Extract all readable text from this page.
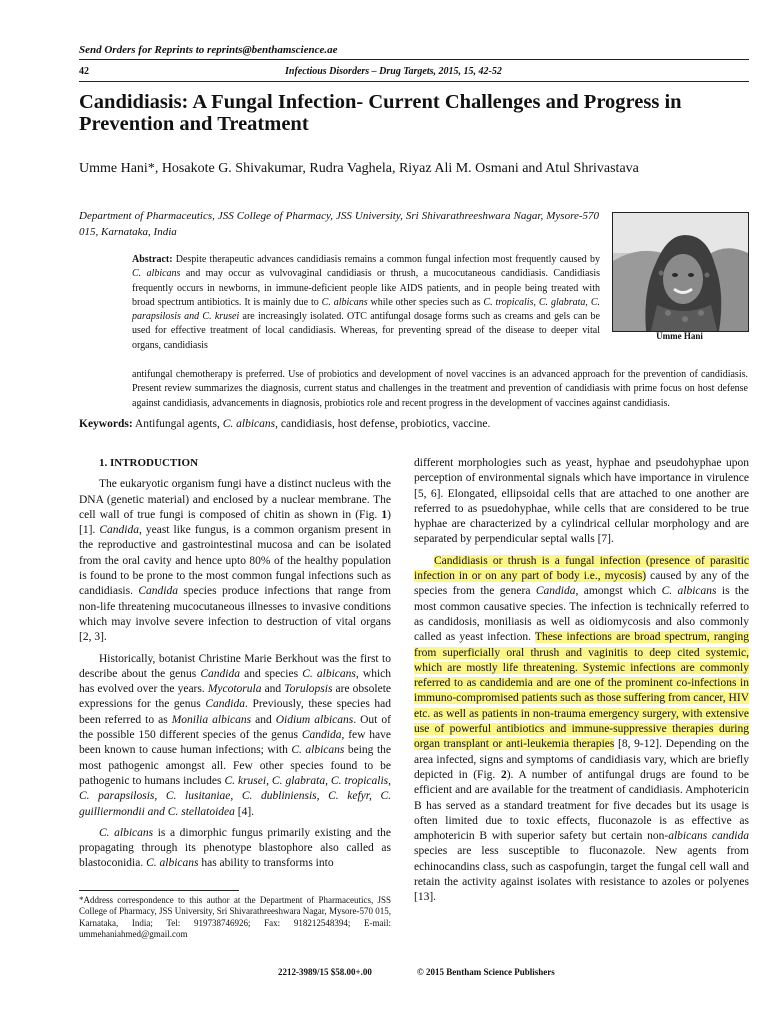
Send Orders for Reprints to reprints@benthamscience.ae
42	Infectious Disorders – Drug Targets, 2015, 15, 42-52
Candidiasis: A Fungal Infection- Current Challenges and Progress in Prevention and Treatment
Umme Hani*, Hosakote G. Shivakumar, Rudra Vaghela, Riyaz Ali M. Osmani and Atul Shrivastava
Department of Pharmaceutics, JSS College of Pharmacy, JSS University, Sri Shivarathreeshwara Nagar, Mysore-570 015, Karnataka, India
Umme Hani
Abstract: Despite therapeutic advances candidiasis remains a common fungal infection most frequently caused by C. albicans and may occur as vulvovaginal candidiasis or thrush, a mucocutaneous candidiasis. Candidiasis frequently occurs in newborns, in immune-deficient people like AIDS patients, and in people being treated with broad spectrum antibiotics. It is mainly due to C. albicans while other species such as C. tropicalis, C. glabrata, C. parapsilosis and C. krusei are increasingly isolated. OTC antifungal dosage forms such as creams and gels can be used for effective treatment of local candidiasis. Whereas, for preventing spread of the disease to deeper vital organs, candidiasis
antifungal chemotherapy is preferred. Use of probiotics and development of novel vaccines is an advanced approach for the prevention of candidiasis. Present review summarizes the diagnosis, current status and challenges in the treatment and prevention of candidiasis with prime focus on host defense against candidiasis, advancements in diagnosis, probiotics role and recent progress in the development of vaccines against candidiasis.
Keywords: Antifungal agents, C. albicans, candidiasis, host defense, probiotics, vaccine.

1. INTRODUCTION

The eukaryotic organism fungi have a distinct nucleus with the DNA (genetic material) and enclosed by a nuclear membrane. The cell wall of true fungi is composed of chitin as shown in (Fig. 1) [1]. Candida, yeast like fungus, is a common organism present in the reproductive and gastrointestinal mucosa and can be isolated from the oral cavity and hence upto 80% of the healthy population is found to be prone to the most common fungal infections such as candidiasis. Candida species produce infections that range from non-life threatening mucocutaneous illnesses to invasive conditions which may involve severe infection to destruction of vital organs [2, 3].

Historically, botanist Christine Marie Berkhout was the first to describe about the genus Candida and species C. albicans, which has evolved over the years. Mycotorula and Torulopsis are obsolete expressions for the genus Candida. Previously, these species had been referred to as Monilia albicans and Oidium albicans. Out of the possible 150 different species of the genus Candida, few have been known to cause human infections; with C. albicans being the most pathogenic amongst all. Few other species found to be pathogenic to humans includes C. krusei, C. glabrata, C. tropicalis, C. parapsilosis, C. lusitaniae, C. dubliniensis, C. kefyr, C. guilliermondii and C. stellatoidea [4].

C. albicans is a dimorphic fungus primarily existing and the propagating through its phenotype blastophore also called as blastoconidia. C. albicans has ability to transforms into

different morphologies such as yeast, hyphae and pseudohyphae upon perception of environmental signals which have importance in virulence [5, 6]. Elongated, ellipsoidal cells that are attached to one another are referred to as psuedohyphae, while cells that are considered to be true hyphae are characterized by a cylindrical cellular morphology and are separated by perpendicular septal walls [7].

Candidiasis or thrush is a fungal infection (presence of parasitic infection in or on any part of body i.e., mycosis) caused by any of the species from the genera Candida, amongst which C. albicans is the most common causative species. The infection is technically referred to as candidosis, moniliasis as well as oidiomycosis and also commonly called as yeast infection. These infections are broad spectrum, ranging from superficially oral thrush and vaginitis to deep cited systemic, which are mostly life threatening. Systemic infections are commonly referred to as candidemia and are one of the prominent co-infections in immuno-compromised patients such as those suffering from cancer, HIV etc. as well as patients in non-trauma emergency surgery, with extensive use of powerful antibiotics and immune-suppressive therapies during organ transplant or anti-leukemia therapies [8, 9-12]. Depending on the area infected, signs and symptoms of candidiasis vary, which are briefly depicted in (Fig. 2). A number of antifungal drugs are found to be efficient and are available for the treatment of candidiasis. Amphotericin B has served as a standard treatment for five decades but its usage is often limited due to toxic effects, fluconazole is as effective as amphotericin B with superior safety but certain non-albicans candida species are less susceptible to fluconazole. New agents from echinocandins class, such as caspofungin, target the fungal cell wall and retain the activity against isolates with resistance to azoles or polyenes [13].

*Address correspondence to this author at the Department of Pharmaceutics, JSS College of Pharmacy, JSS University, Sri Shivarathreeshwara Nagar, Mysore-570 015, Karnataka, India; Tel: 919738746926; Fax: 918212548394; E-mail: ummehaniahmed@gmail.com
2212-3989/15 $58.00+.00	© 2015 Bentham Science Publishers
